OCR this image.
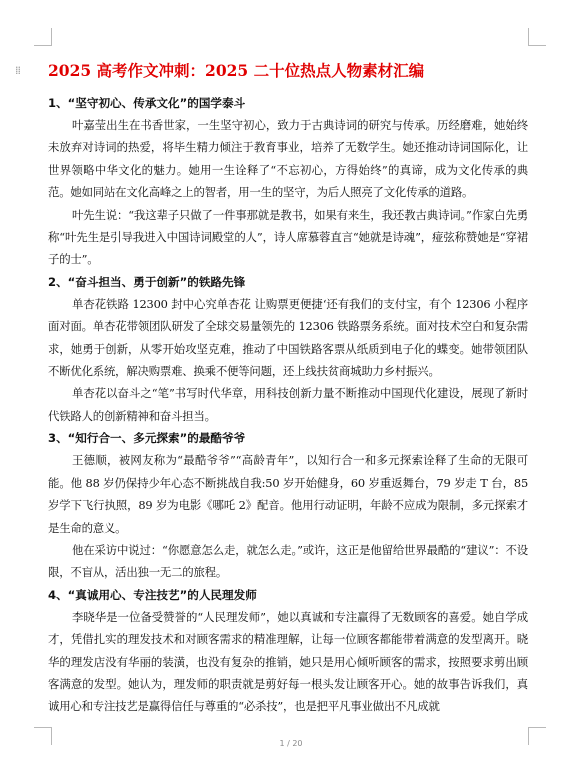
⁞⁞	2025 高考作文冲刺：2025 二十位热点人物素材汇编
1、“坚守初心、传承文化”的国学泰斗

叶嘉莹出生在书香世家，一生坚守初心，致力于古典诗词的研究与传承。历经磨难，她始终未放弃对诗词的热爱，将毕生精力倾注于教育事业，培养了无数学生。她还推动诗词国际化，让世界领略中华文化的魅力。她用一生诠释了“不忘初心，方得始终”的真谛，成为文化传承的典范。她如同站在文化高峰之上的智者，用一生的坚守，为后人照亮了文化传承的道路。

叶先生说：“我这辈子只做了一件事那就是教书，如果有来生，我还教古典诗词。”作家白先勇称“叶先生是引导我进入中国诗词殿堂的人”，诗人席慕蓉直言“她就是诗魂”，痖弦称赞她是“穿裙子的士”。

2、“奋斗担当、勇于创新”的铁路先锋

单杏花铁路 12300 封中心究单杏花 让购票更便捷‘还有我们的支付宝，有个 12306 小程序 面对面。单杏花带领团队研发了全球交易量领先的 12306 铁路票务系统。面对技术空白和复杂需求，她勇于创新，从零开始攻坚克难，推动了中国铁路客票从纸质到电子化的蝶变。她带领团队不断优化系统，解决购票难、换乘不便等问题，还上线扶贫商城助力乡村振兴。

单杏花以奋斗之“笔”书写时代华章，用科技创新力量不断推动中国现代化建设，展现了新时代铁路人的创新精神和奋斗担当。

3、“知行合一、多元探索”的最酷爷爷

王德顺，被网友称为“最酷爷爷”“高龄青年”，以知行合一和多元探索诠释了生命的无限可能。他 88 岁仍保持少年心态不断挑战自我:50 岁开始健身，60 岁重返舞台，79 岁走 T 台，85 岁学下飞行执照，89 岁为电影《哪吒 2》配音。他用行动证明，年龄不应成为限制，多元探索才是生命的意义。

他在采访中说过：“你愿意怎么走，就怎么走。”或许，这正是他留给世界最酷的“建议”：不设限，不盲从，活出独一无二的旅程。

4、“真诚用心、专注技艺”的人民理发师

李晓华是一位备受赞誉的“人民理发师”，她以真诚和专注赢得了无数顾客的喜爱。她自学成才，凭借扎实的理发技术和对顾客需求的精准理解，让每一位顾客都能带着满意的发型离开。晓华的理发店没有华丽的装潢，也没有复杂的推销，她只是用心倾听顾客的需求，按照要求剪出顾客满意的发型。她认为，理发师的职责就是剪好每一根头发让顾客开心。她的故事告诉我们，真诚用心和专注技艺是赢得信任与尊重的“必杀技”，也是把平凡事业做出不凡成就

1 / 20
